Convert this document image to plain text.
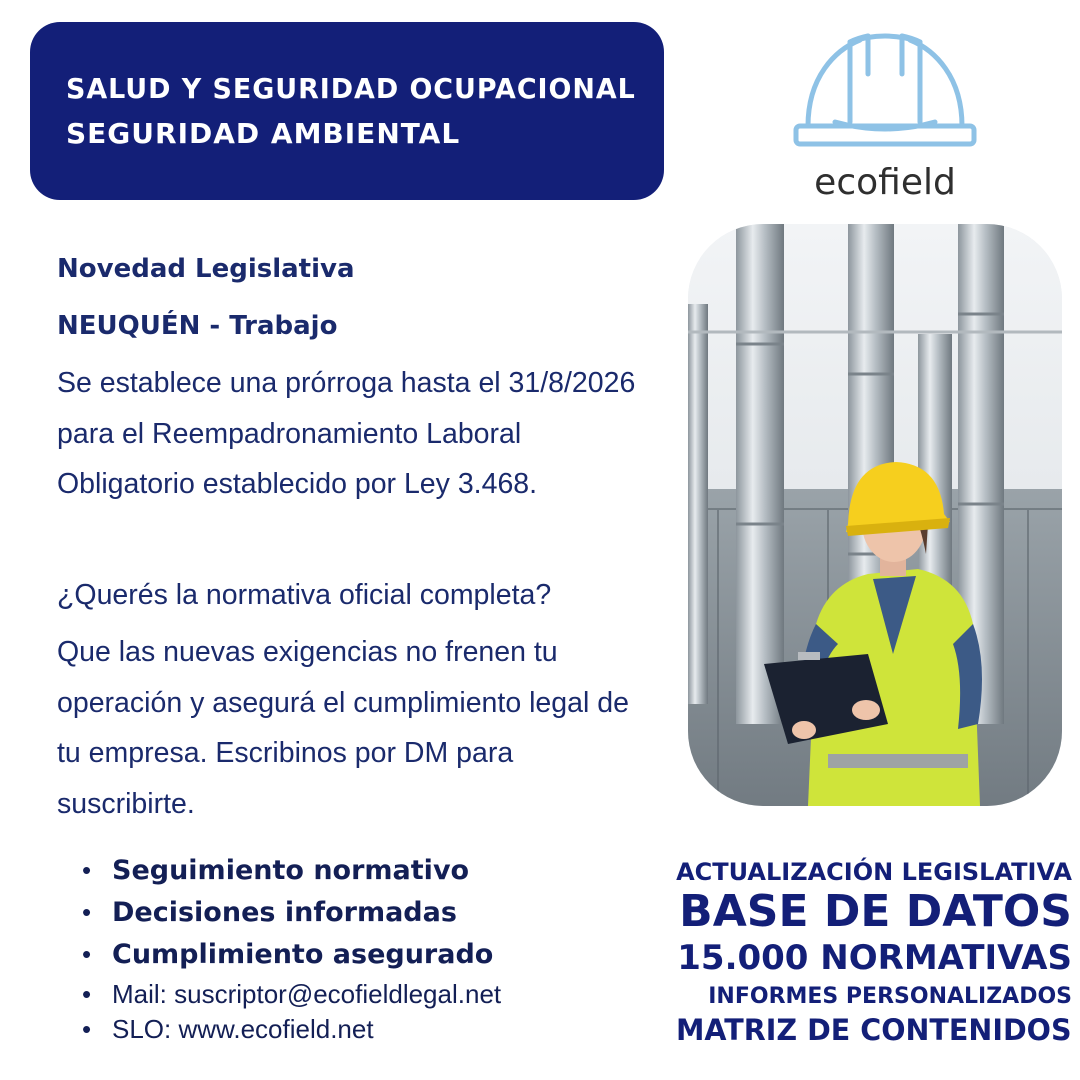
SALUD Y SEGURIDAD OCUPACIONAL
SEGURIDAD AMBIENTAL
ecofield
Novedad Legislativa
NEUQUÉN - Trabajo
Se establece una prórroga hasta el 31/8/2026 para el Reempadronamiento Laboral Obligatorio establecido por Ley 3.468.
¿Querés la normativa oficial completa?
Que las nuevas exigencias no frenen tu operación y asegurá el cumplimiento legal de tu empresa. Escribinos por DM para suscribirte.
• Seguimiento normativo
• Decisiones informadas
• Cumplimiento asegurado
• Mail: suscriptor@ecofieldlegal.net
• SLO: www.ecofield.net
ACTUALIZACIÓN LEGISLATIVA
BASE DE DATOS
15.000 NORMATIVAS
INFORMES PERSONALIZADOS
MATRIZ DE CONTENIDOS
